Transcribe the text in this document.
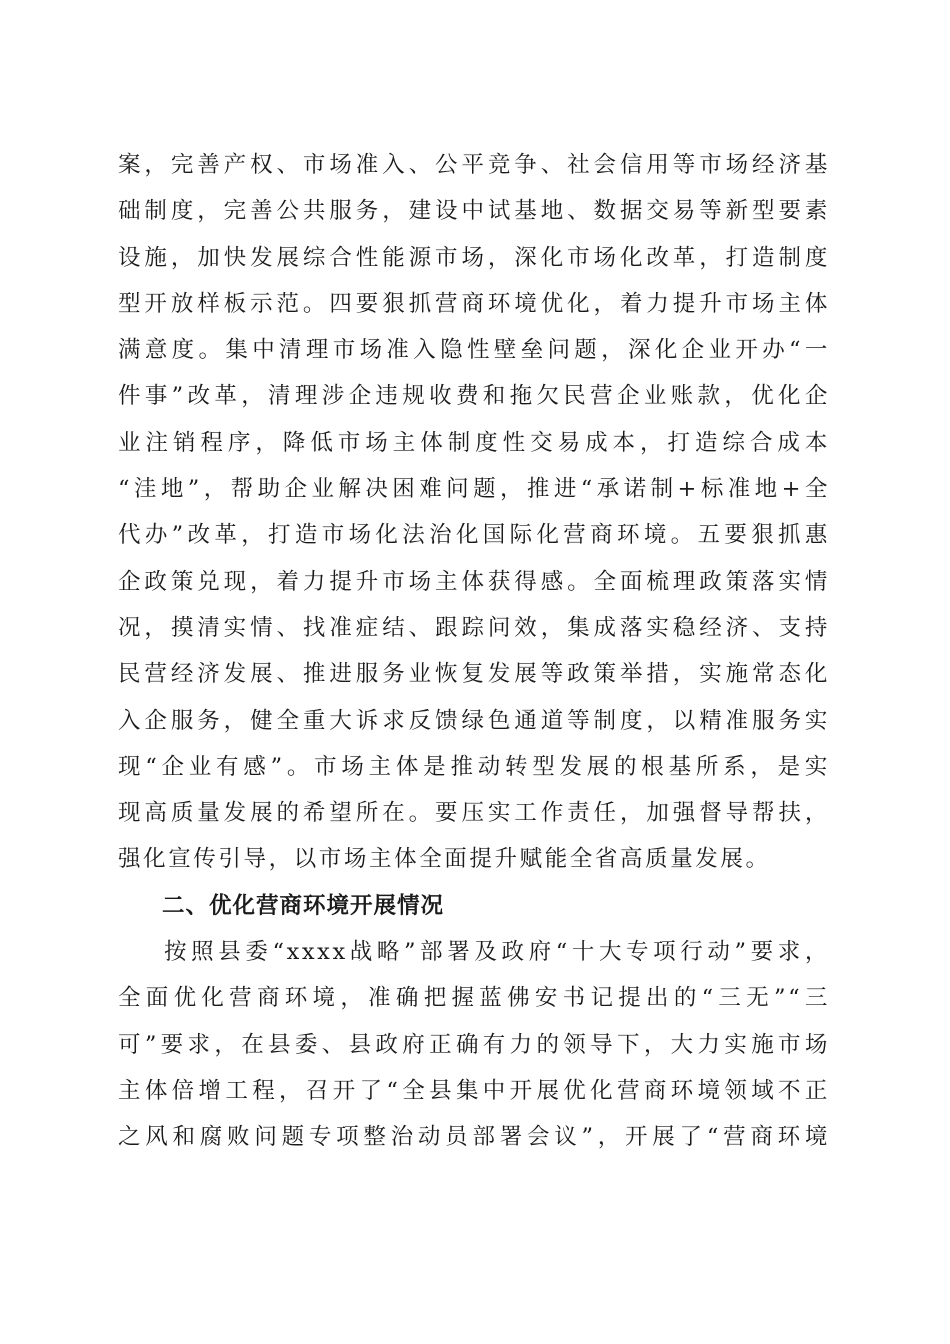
案，完善产权、市场准入、公平竞争、社会信用等市场经济基
础制度，完善公共服务，建设中试基地、数据交易等新型要素
设施，加快发展综合性能源市场，深化市场化改革，打造制度
型开放样板示范。四要狠抓营商环境优化，着力提升市场主体
满意度。集中清理市场准入隐性壁垒问题，深化企业开办“一
件事”改革，清理涉企违规收费和拖欠民营企业账款，优化企
业注销程序，降低市场主体制度性交易成本，打造综合成本
“洼地”，帮助企业解决困难问题，推进“承诺制+标准地+全
代办”改革，打造市场化法治化国际化营商环境。五要狠抓惠
企政策兑现，着力提升市场主体获得感。全面梳理政策落实情
况，摸清实情、找准症结、跟踪问效，集成落实稳经济、支持
民营经济发展、推进服务业恢复发展等政策举措，实施常态化
入企服务，健全重大诉求反馈绿色通道等制度，以精准服务实
现“企业有感”。市场主体是推动转型发展的根基所系，是实
现高质量发展的希望所在。要压实工作责任，加强督导帮扶，
强化宣传引导，以市场主体全面提升赋能全省高质量发展。
二、优化营商环境开展情况
按照县委“xxxx战略”部署及政府“十大专项行动”要求，
全面优化营商环境，准确把握蓝佛安书记提出的“三无”“三
可”要求，在县委、县政府正确有力的领导下，大力实施市场
主体倍增工程，召开了“全县集中开展优化营商环境领域不正
之风和腐败问题专项整治动员部署会议”，开展了“营商环境
